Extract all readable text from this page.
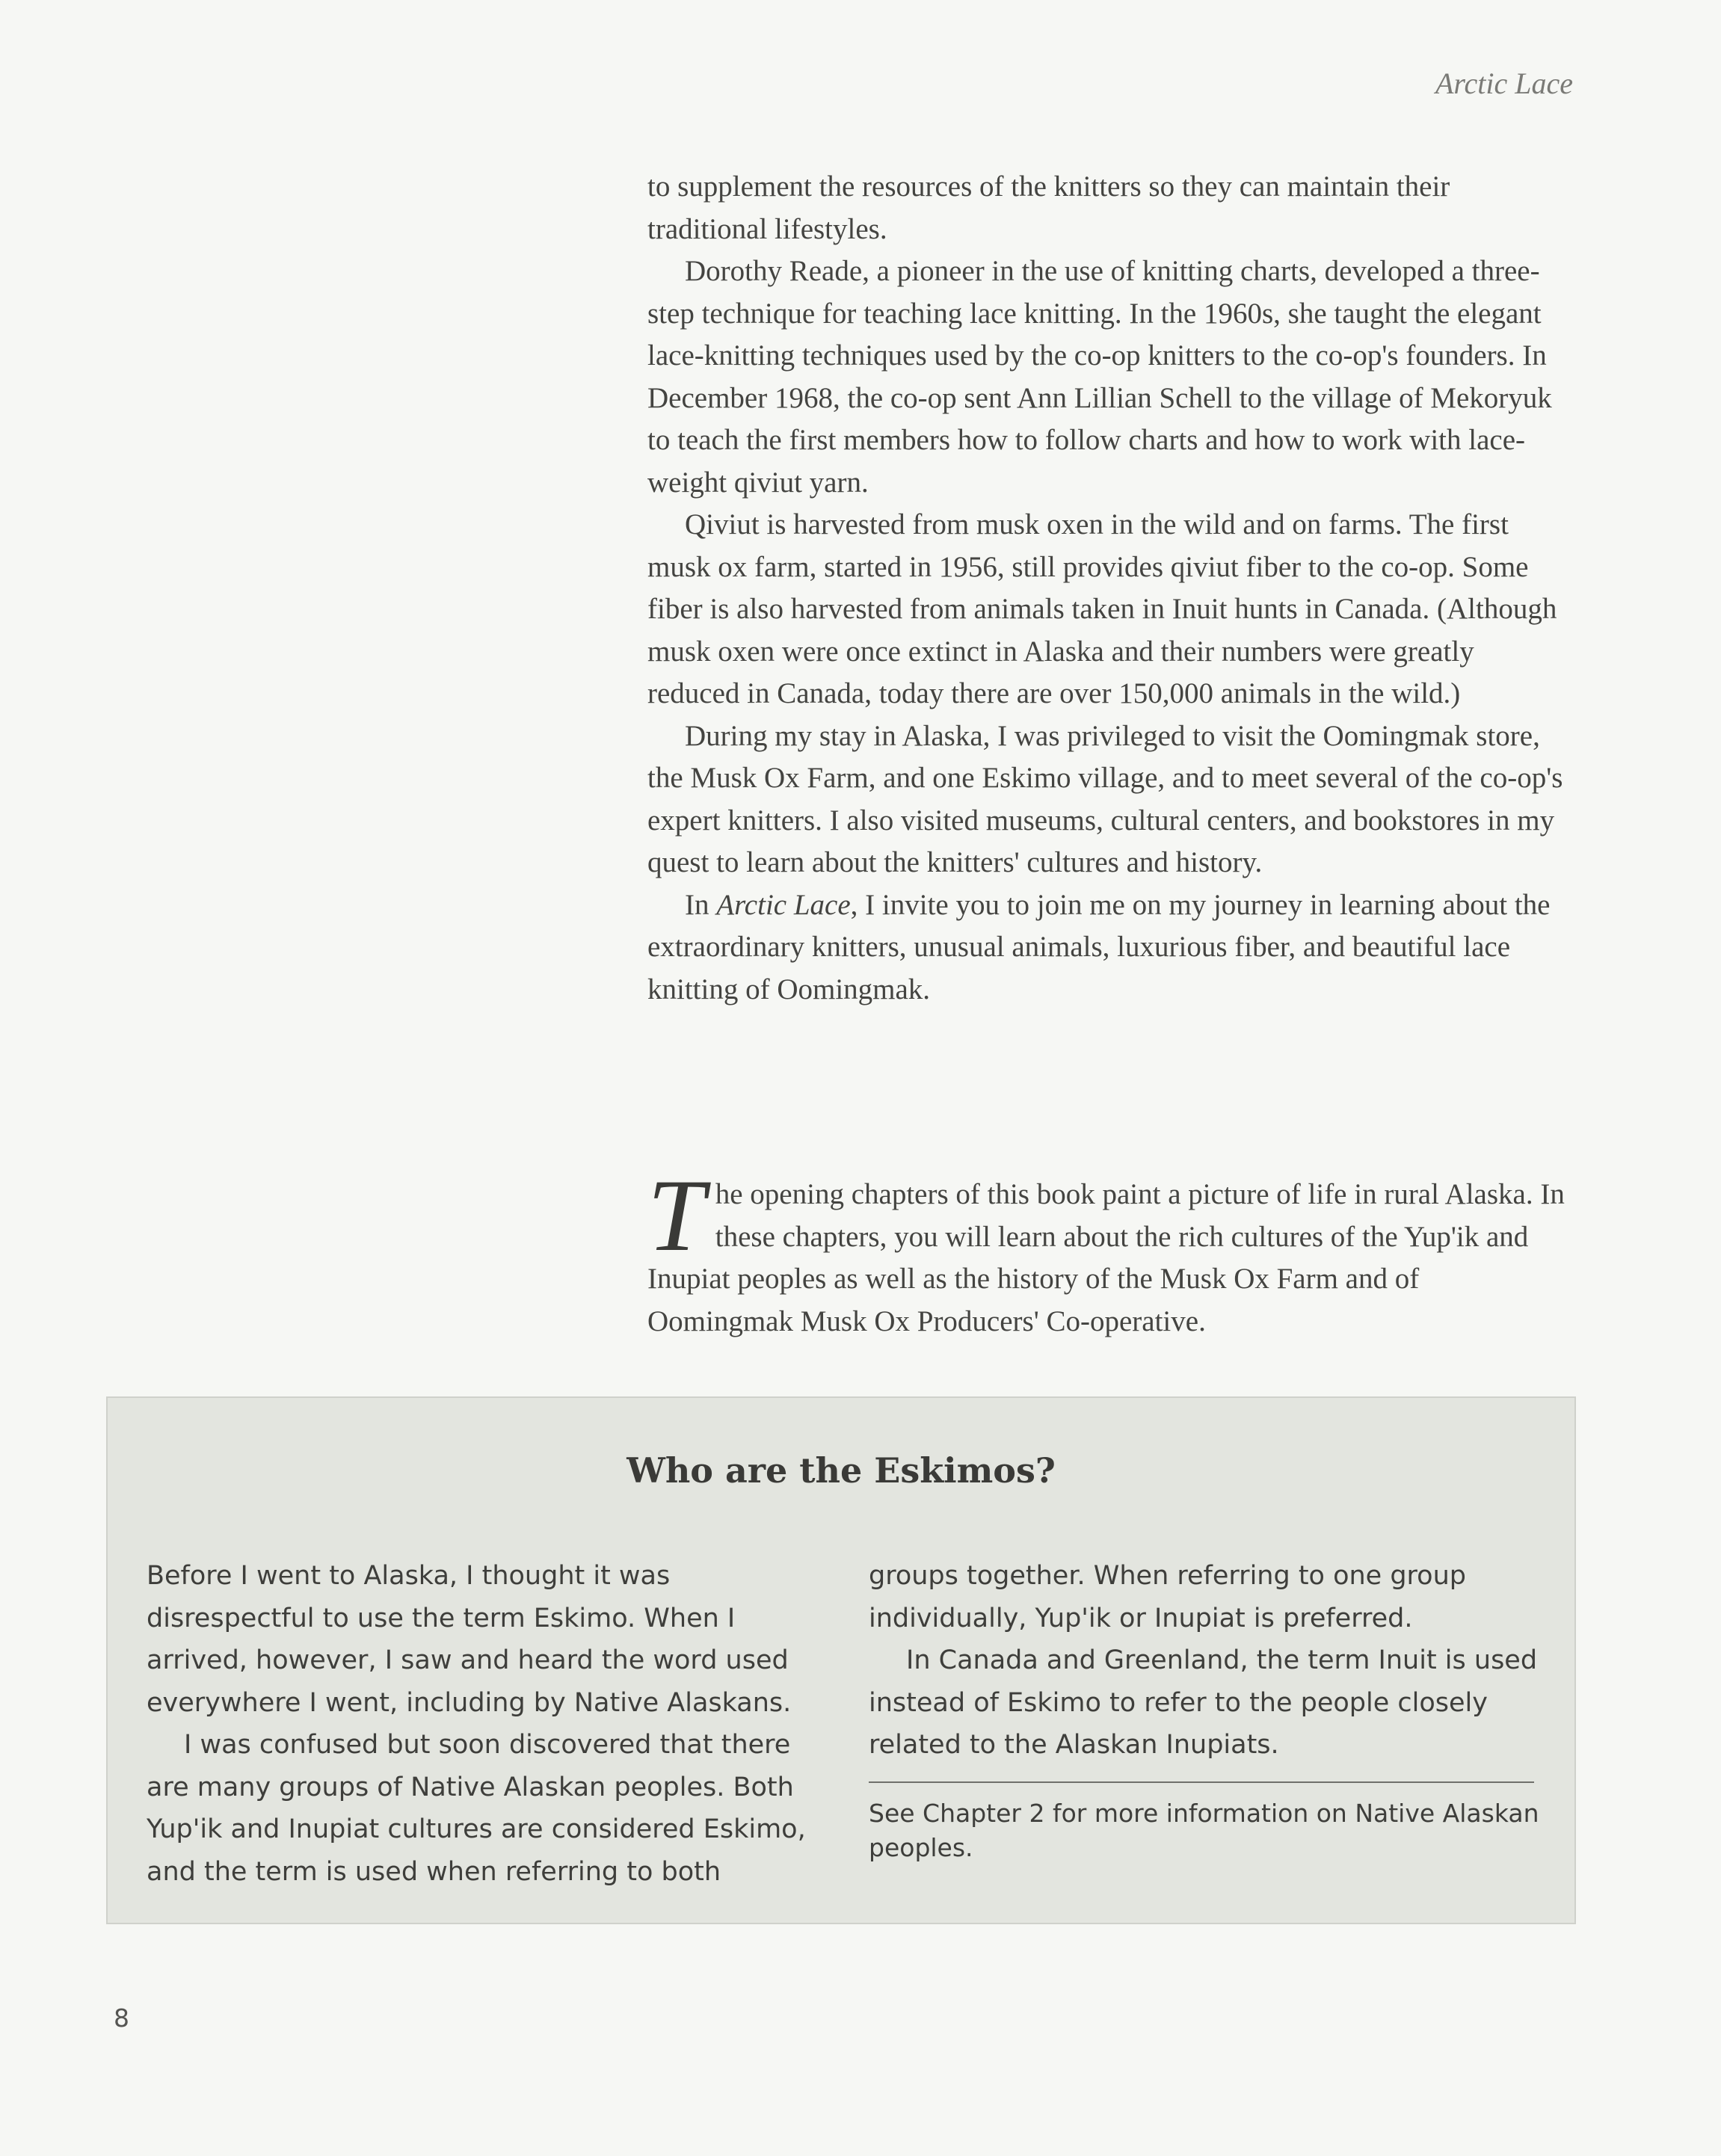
Arctic Lace

to supplement the resources of the knitters so they can maintain their traditional lifestyles.

Dorothy Reade, a pioneer in the use of knitting charts, developed a three-step technique for teaching lace knitting. In the 1960s, she taught the elegant lace-knitting techniques used by the co-op knitters to the co-op's founders. In December 1968, the co-op sent Ann Lillian Schell to the village of Mekoryuk to teach the first members how to follow charts and how to work with lace-weight qiviut yarn.

Qiviut is harvested from musk oxen in the wild and on farms. The first musk ox farm, started in 1956, still provides qiviut fiber to the co-op. Some fiber is also harvested from animals taken in Inuit hunts in Canada. (Although musk oxen were once extinct in Alaska and their numbers were greatly reduced in Canada, today there are over 150,000 animals in the wild.)

During my stay in Alaska, I was privileged to visit the Oomingmak store, the Musk Ox Farm, and one Eskimo village, and to meet several of the co-op's expert knitters. I also visited museums, cultural centers, and bookstores in my quest to learn about the knitters' cultures and history.

In Arctic Lace, I invite you to join me on my journey in learning about the extraordinary knitters, unusual animals, luxurious fiber, and beautiful lace knitting of Oomingmak.

The opening chapters of this book paint a picture of life in rural Alaska. In these chapters, you will learn about the rich cultures of the Yup'ik and Inupiat peoples as well as the history of the Musk Ox Farm and of Oomingmak Musk Ox Producers' Co-operative.

Who are the Eskimos?

Before I went to Alaska, I thought it was disrespectful to use the term Eskimo. When I arrived, however, I saw and heard the word used everywhere I went, including by Native Alaskans.

I was confused but soon discovered that there are many groups of Native Alaskan peoples. Both Yup'ik and Inupiat cultures are considered Eskimo, and the term is used when referring to both

groups together. When referring to one group individually, Yup'ik or Inupiat is preferred.

In Canada and Greenland, the term Inuit is used instead of Eskimo to refer to the people closely related to the Alaskan Inupiats.

See Chapter 2 for more information on Native Alaskan peoples.

8
